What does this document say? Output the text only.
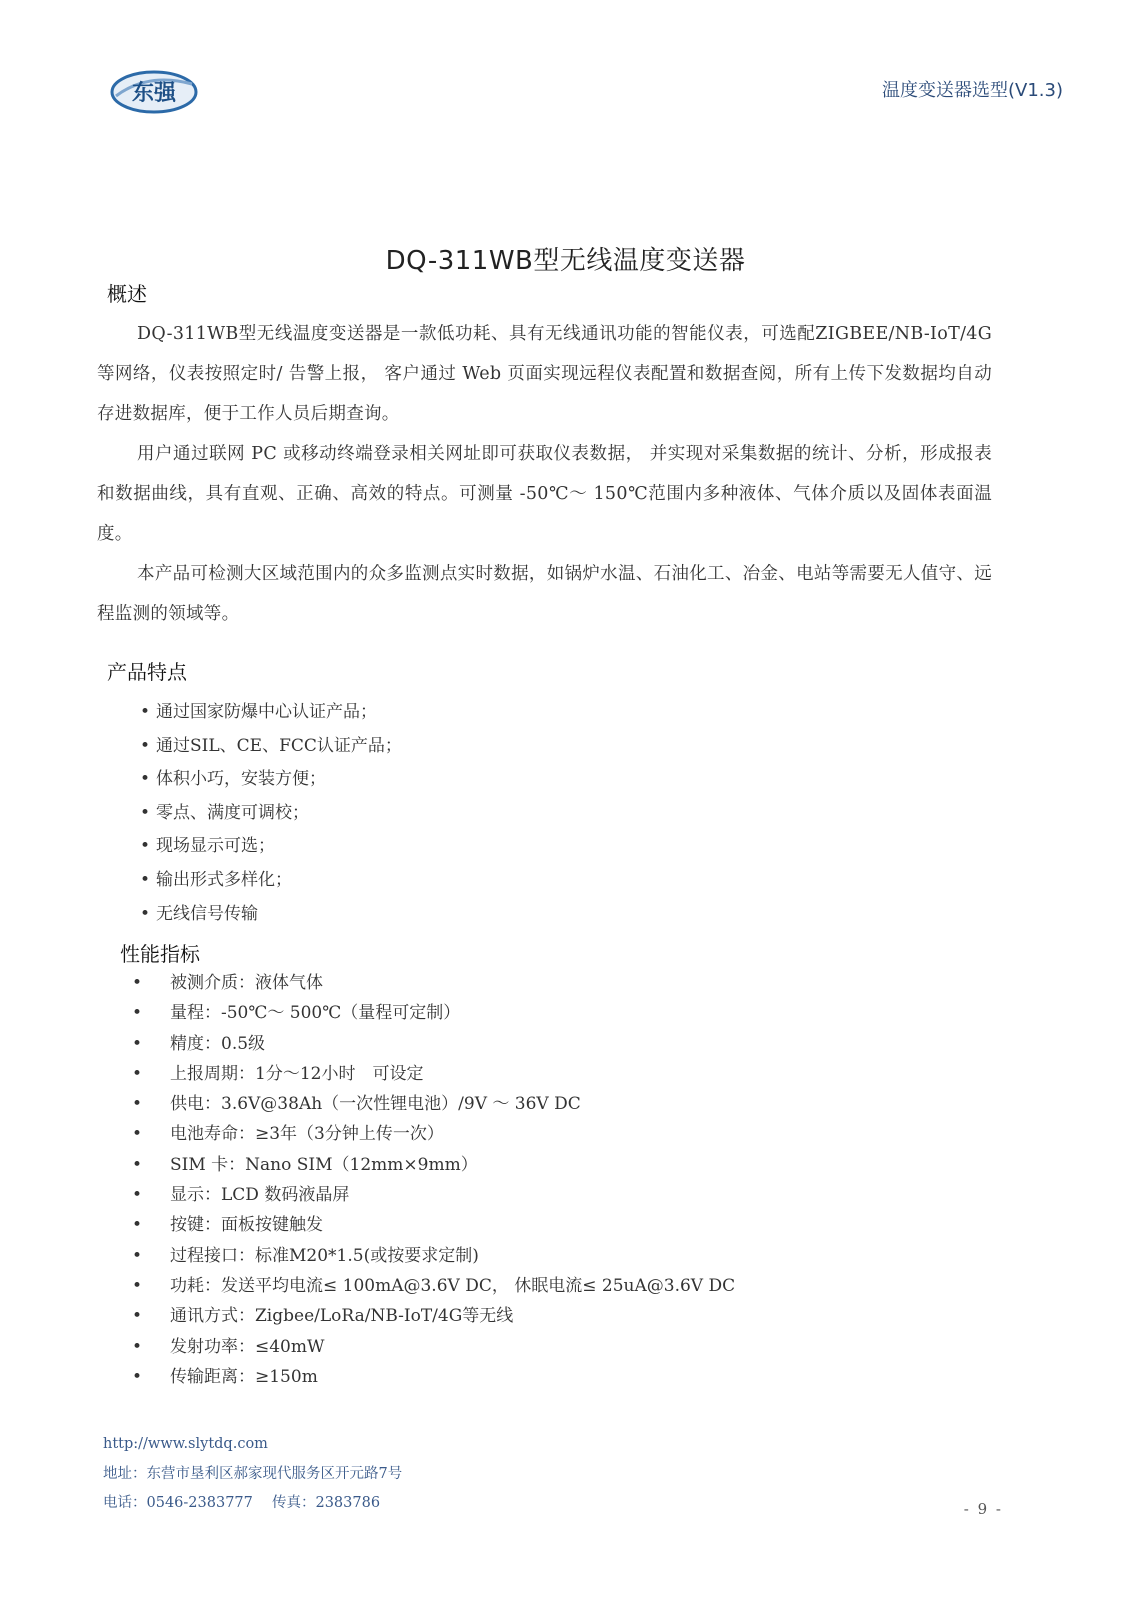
东强	温度变送器选型(V1.3)
DQ-311WB型无线温度变送器
概述

DQ-311WB型无线温度变送器是一款低功耗、具有无线通讯功能的智能仪表，可选配ZIGBEE/NB-IoT/4G 等网络，仪表按照定时/ 告警上报， 客户通过 Web 页面实现远程仪表配置和数据查阅，所有上传下发数据均自动存进数据库，便于工作人员后期查询。

用户通过联网 PC 或移动终端登录相关网址即可获取仪表数据， 并实现对采集数据的统计、分析，形成报表和数据曲线，具有直观、正确、高效的特点。可测量 -50℃～ 150℃范围内多种液体、气体介质以及固体表面温度。

本产品可检测大区域范围内的众多监测点实时数据，如锅炉水温、石油化工、冶金、电站等需要无人值守、远程监测的领域等。

产品特点
• 通过国家防爆中心认证产品；
• 通过SIL、CE、FCC认证产品；
• 体积小巧，安装方便；
• 零点、满度可调校；
• 现场显示可选；
• 输出形式多样化；
• 无线信号传输
性能指标
• 被测介质：液体气体
• 量程：-50℃～ 500℃（量程可定制）
• 精度：0.5级
• 上报周期：1分～12小时　可设定
• 供电：3.6V@38Ah（一次性锂电池）/9V ～ 36V DC
• 电池寿命：≥3年（3分钟上传一次）
• SIM 卡：Nano SIM（12mm×9mm）
• 显示：LCD 数码液晶屏
• 按键：面板按键触发
• 过程接口：标准M20*1.5(或按要求定制)
• 功耗：发送平均电流≤ 100mA@3.6V DC， 休眠电流≤ 25uA@3.6V DC
• 通讯方式：Zigbee/LoRa/NB-IoT/4G等无线
• 发射功率：≤40mW
• 传输距离：≥150m
http://www.slytdq.com
地址：东营市垦利区郝家现代服务区开元路7号
电话：0546-2383777　 传真：2383786	- 9 -
